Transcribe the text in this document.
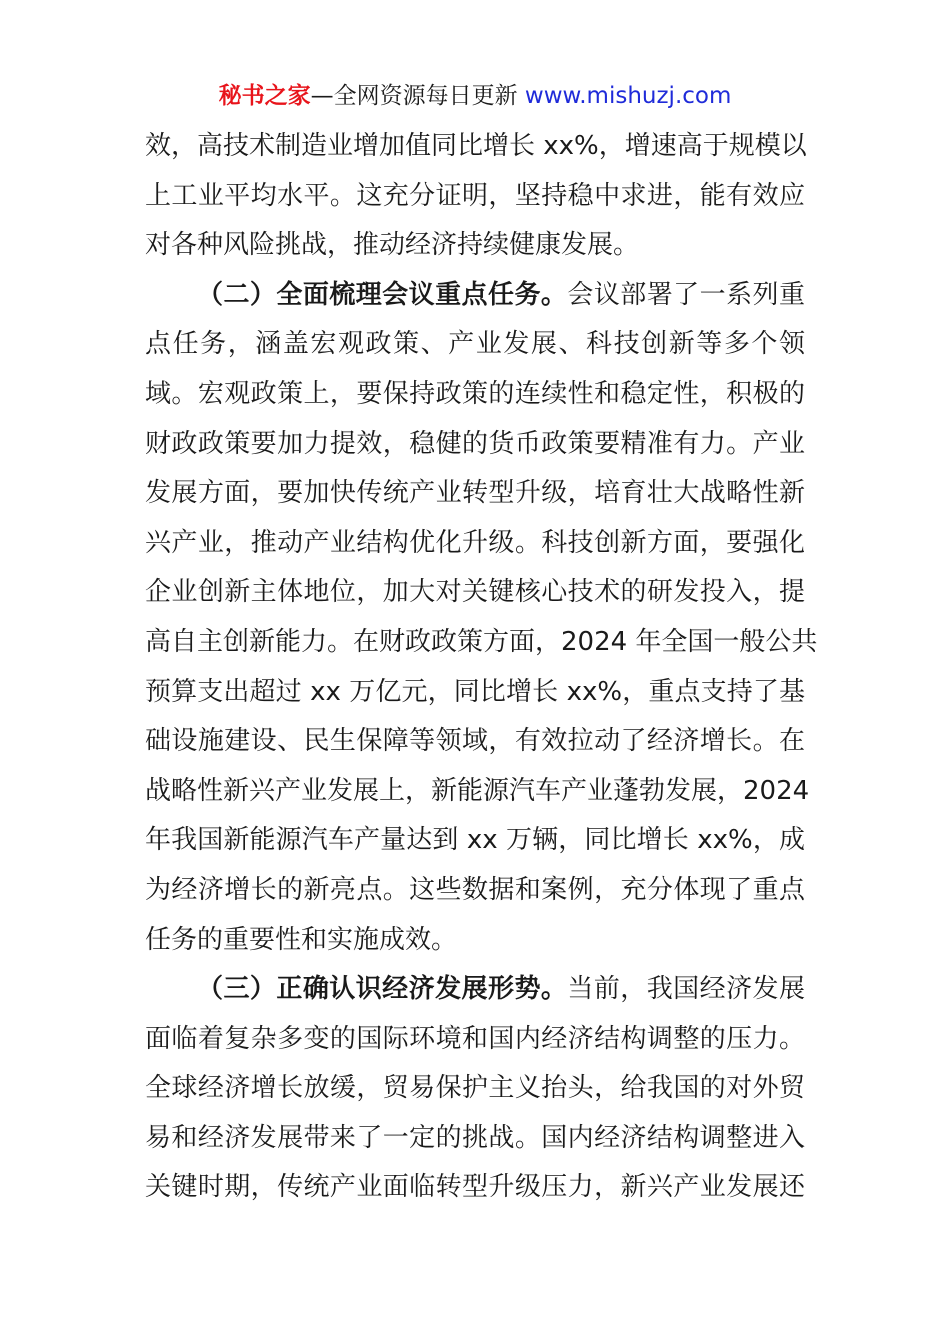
秘书之家—全网资源每日更新 www.mishuzj.com
效，高技术制造业增加值同比增长 xx%，增速高于规模以
上工业平均水平。这充分证明，坚持稳中求进，能有效应
对各种风险挑战，推动经济持续健康发展。
（二）全面梳理会议重点任务。会议部署了一系列重
点任务，涵盖宏观政策、产业发展、科技创新等多个领
域。宏观政策上，要保持政策的连续性和稳定性，积极的
财政政策要加力提效，稳健的货币政策要精准有力。产业
发展方面，要加快传统产业转型升级，培育壮大战略性新
兴产业，推动产业结构优化升级。科技创新方面，要强化
企业创新主体地位，加大对关键核心技术的研发投入，提
高自主创新能力。在财政政策方面，2024 年全国一般公共
预算支出超过 xx 万亿元，同比增长 xx%，重点支持了基
础设施建设、民生保障等领域，有效拉动了经济增长。在
战略性新兴产业发展上，新能源汽车产业蓬勃发展，2024
年我国新能源汽车产量达到 xx 万辆，同比增长 xx%，成
为经济增长的新亮点。这些数据和案例，充分体现了重点
任务的重要性和实施成效。
（三）正确认识经济发展形势。当前，我国经济发展
面临着复杂多变的国际环境和国内经济结构调整的压力。
全球经济增长放缓，贸易保护主义抬头，给我国的对外贸
易和经济发展带来了一定的挑战。国内经济结构调整进入
关键时期，传统产业面临转型升级压力，新兴产业发展还
